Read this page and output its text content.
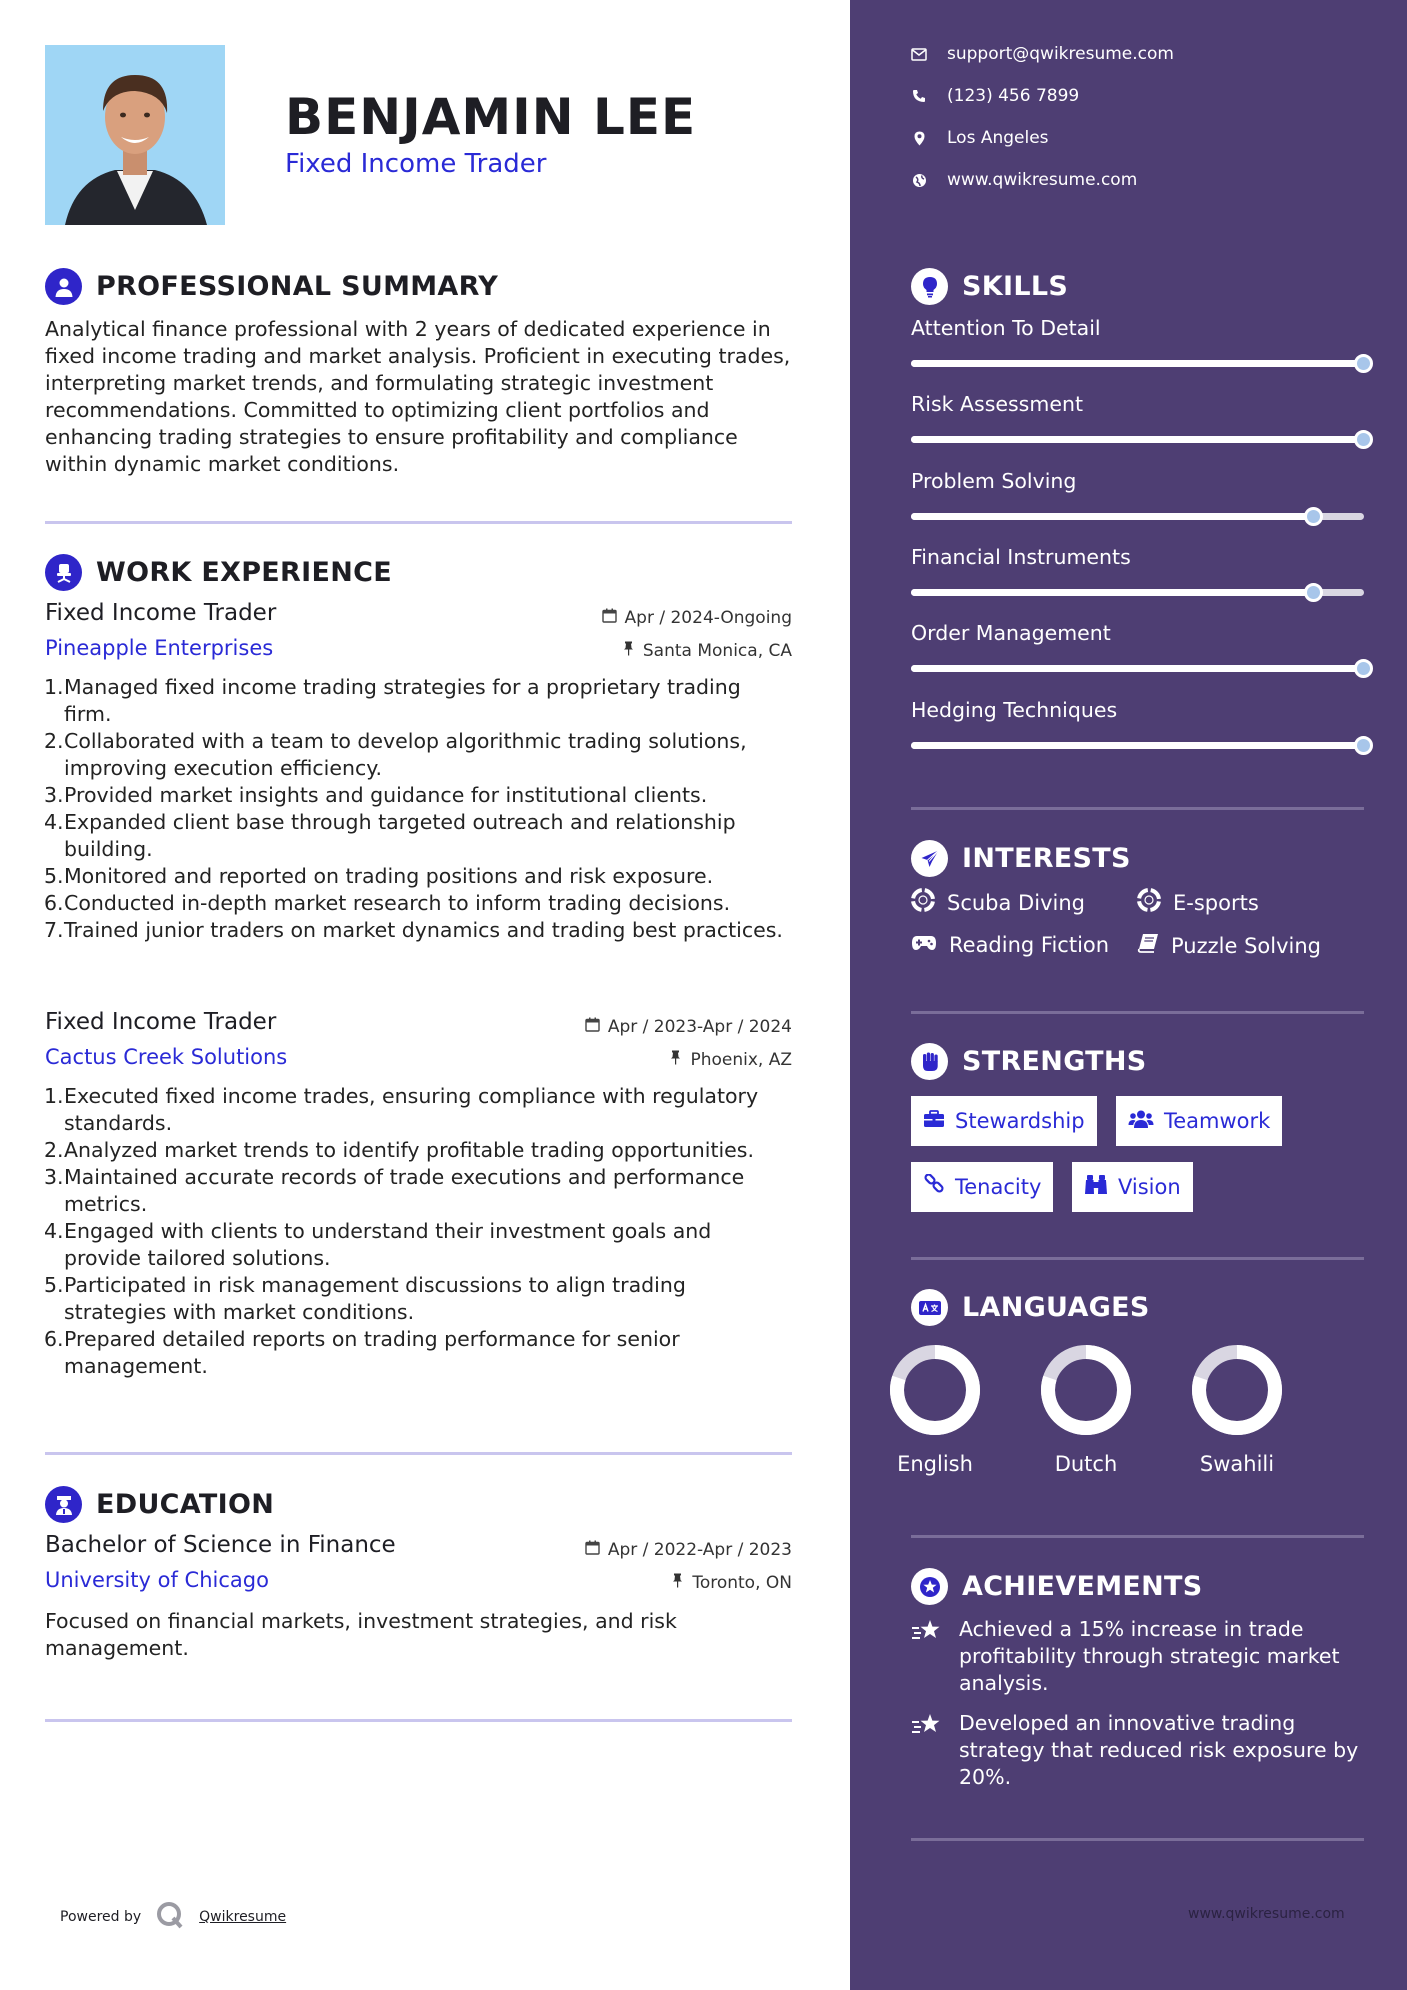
BENJAMIN LEE
Fixed Income Trader
PROFESSIONAL SUMMARY
Analytical finance professional with 2 years of dedicated experience in fixed income trading and market analysis. Proficient in executing trades, interpreting market trends, and formulating strategic investment recommendations. Committed to optimizing client portfolios and enhancing trading strategies to ensure profitability and compliance within dynamic market conditions.
WORK EXPERIENCE
Fixed Income Trader
Pineapple Enterprises
Apr / 2024-Ongoing
Santa Monica, CA
1. Managed fixed income trading strategies for a proprietary trading firm.
2. Collaborated with a team to develop algorithmic trading solutions, improving execution efficiency.
3. Provided market insights and guidance for institutional clients.
4. Expanded client base through targeted outreach and relationship building.
5. Monitored and reported on trading positions and risk exposure.
6. Conducted in-depth market research to inform trading decisions.
7. Trained junior traders on market dynamics and trading best practices.
Fixed Income Trader
Cactus Creek Solutions
Apr / 2023-Apr / 2024
Phoenix, AZ
1. Executed fixed income trades, ensuring compliance with regulatory standards.
2. Analyzed market trends to identify profitable trading opportunities.
3. Maintained accurate records of trade executions and performance metrics.
4. Engaged with clients to understand their investment goals and provide tailored solutions.
5. Participated in risk management discussions to align trading strategies with market conditions.
6. Prepared detailed reports on trading performance for senior management.
EDUCATION
Bachelor of Science in Finance
University of Chicago
Apr / 2022-Apr / 2023
Toronto, ON
Focused on financial markets, investment strategies, and risk management.
Powered by	Qwikresume
support@qwikresume.com
(123) 456 7899
Los Angeles
www.qwikresume.com
SKILLS
Attention To Detail
Risk Assessment
Problem Solving
Financial Instruments
Order Management
Hedging Techniques
INTERESTS
Scuba Diving	E-sports
Reading Fiction	Puzzle Solving
STRENGTHS
Stewardship	Teamwork
Tenacity	Vision
LANGUAGES
English	Dutch	Swahili
ACHIEVEMENTS
Achieved a 15% increase in trade profitability through strategic market analysis.
Developed an innovative trading strategy that reduced risk exposure by 20%.
www.qwikresume.com
